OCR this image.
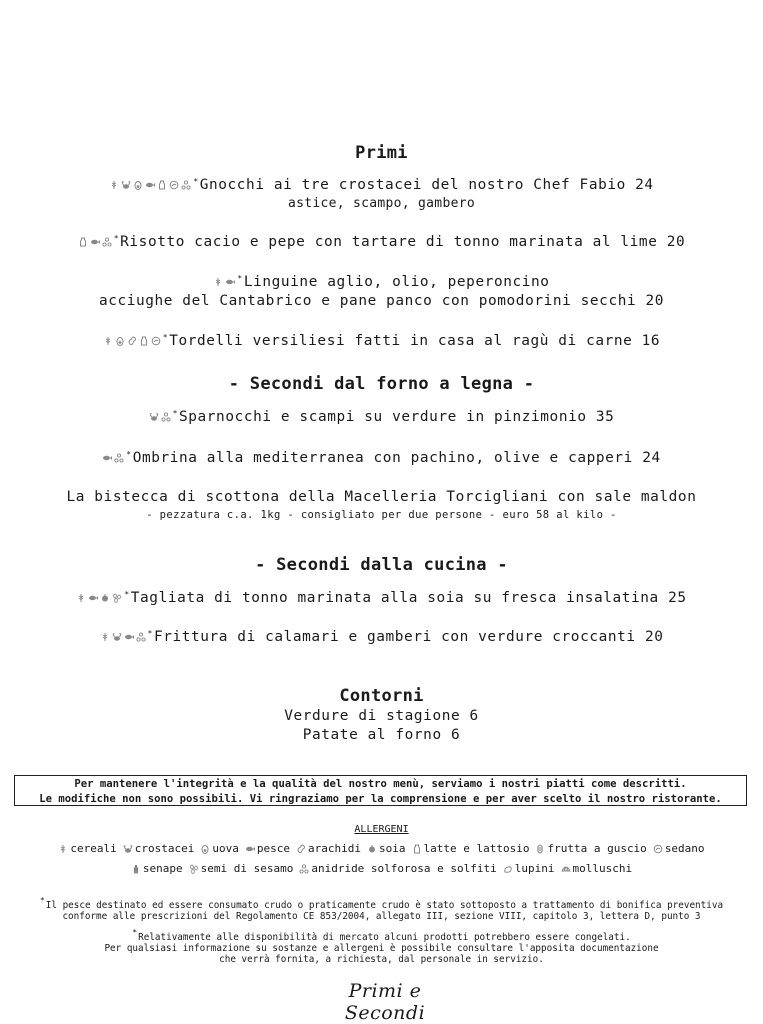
Primi
*Gnocchi ai tre crostacei del nostro Chef Fabio 24
astice, scampo, gambero
*Risotto cacio e pepe con tartare di tonno marinata al lime 20
*Linguine aglio, olio, peperoncino
acciughe del Cantabrico e pane panco con pomodorini secchi 20
*Tordelli versiliesi fatti in casa al ragù di carne 16
- Secondi dal forno a legna -
*Sparnocchi e scampi su verdure in pinzimonio 35
*Ombrina alla mediterranea con pachino, olive e capperi 24
La bistecca di scottona della Macelleria Torcigliani con sale maldon
- pezzatura c.a. 1kg - consigliato per due persone - euro 58 al kilo -
- Secondi dalla cucina -
*Tagliata di tonno marinata alla soia su fresca insalatina 25
*Frittura di calamari e gamberi con verdure croccanti 20
Contorni
Verdure di stagione 6
Patate al forno 6
Per mantenere l'integrità e la qualità del nostro menù, serviamo i nostri piatti come descritti.
Le modifiche non sono possibili. Vi ringraziamo per la comprensione e per aver scelto il nostro ristorante.
ALLERGENI
cereali crostacei uova pesce arachidi soia latte e lattosio frutta a guscio sedano
senape semi di sesamo anidride solforosa e solfiti lupini molluschi
*Il pesce destinato ed essere consumato crudo o praticamente crudo è stato sottoposto a trattamento di bonifica preventiva
conforme alle prescrizioni del Regolamento CE 853/2004, allegato III, sezione VIII, capitolo 3, lettera D, punto 3
*Relativamente alle disponibilità di mercato alcuni prodotti potrebbero essere congelati.
Per qualsiasi informazione su sostanze e allergeni è possibile consultare l'apposita documentazione
che verrà fornita, a richiesta, dal personale in servizio.
Primi e Secondi
